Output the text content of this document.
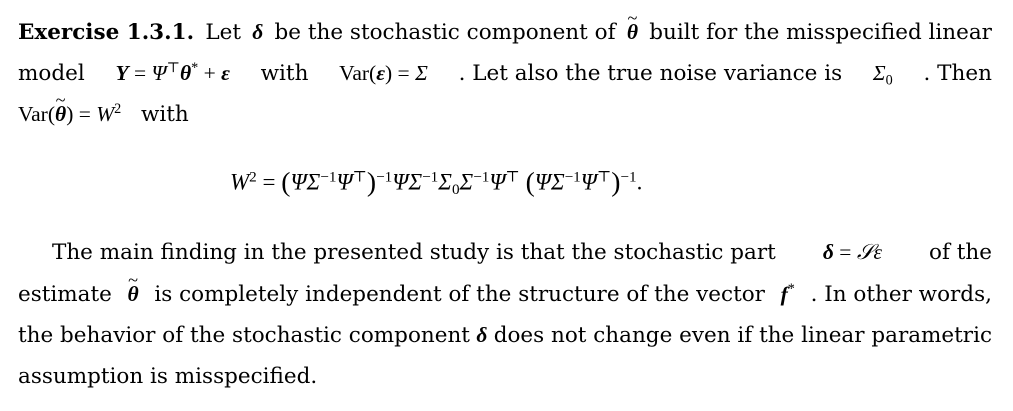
Exercise 1.3.1. Let δ be the stochastic component of ~ θ built for the misspecified linear
model Y = Ψ⊤θ* + ε with Var(ε) = Σ . Let also the true noise variance is $\Sigma_0$ . Then
Var(~ $\theta) = W^2$ with
$W^2 = (\Psi\Sigma^{-1}\Psi^⊤)^{-1}\Psi\Sigma^{-1}\Sigma_0\Sigma^{-1}\Psi^⊤$ $(\Psi\Sigma^{-1}\Psi^⊤)^{-1}$.
The main finding in the presented study is that the stochastic part δ = 𝒮ε of the
estimate ~ θ is completely independent of the structure of the vector f* . In other words,
the behavior of the stochastic component δ does not change even if the linear parametric
assumption is misspecified.
